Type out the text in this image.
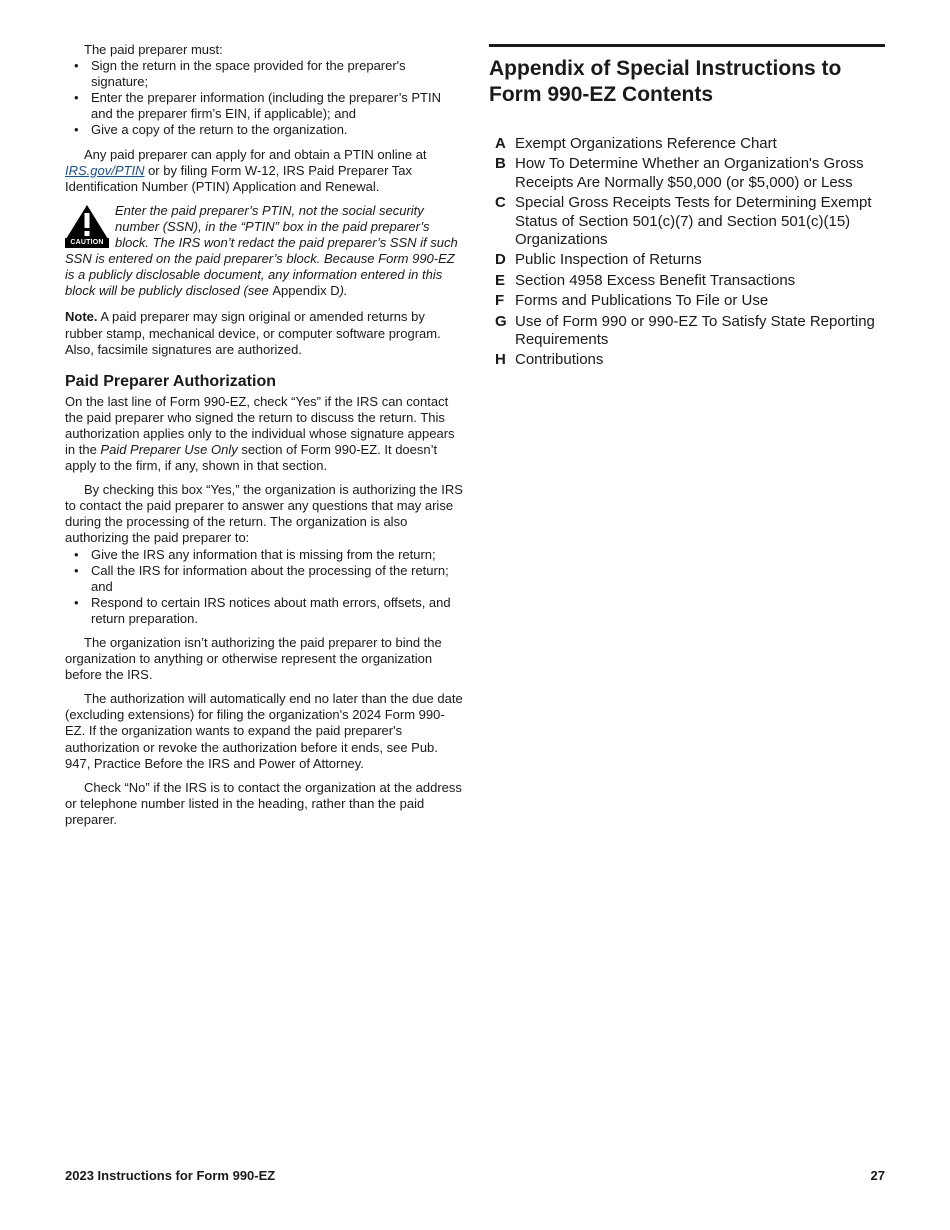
The paid preparer must:

• Sign the return in the space provided for the preparer's signature;
• Enter the preparer information (including the preparer’s PTIN and the preparer firm’s EIN, if applicable); and
• Give a copy of the return to the organization.

Any paid preparer can apply for and obtain a PTIN online at IRS.gov/PTIN or by filing Form W-12, IRS Paid Preparer Tax Identification Number (PTIN) Application and Renewal.

CAUTION
Enter the paid preparer’s PTIN, not the social security number (SSN), in the “PTIN” box in the paid preparer’s block. The IRS won’t redact the paid preparer’s SSN if such SSN is entered on the paid preparer’s block. Because Form 990-EZ is a publicly disclosable document, any information entered in this block will be publicly disclosed (see Appendix D).

Note. A paid preparer may sign original or amended returns by rubber stamp, mechanical device, or computer software program. Also, facsimile signatures are authorized.

Paid Preparer Authorization

On the last line of Form 990-EZ, check “Yes” if the IRS can contact the paid preparer who signed the return to discuss the return. This authorization applies only to the individual whose signature appears in the Paid Preparer Use Only section of Form 990-EZ. It doesn’t apply to the firm, if any, shown in that section.

By checking this box “Yes,” the organization is authorizing the IRS to contact the paid preparer to answer any questions that may arise during the processing of the return. The organization is also authorizing the paid preparer to:

• Give the IRS any information that is missing from the return;
• Call the IRS for information about the processing of the return; and
• Respond to certain IRS notices about math errors, offsets, and return preparation.

The organization isn’t authorizing the paid preparer to bind the organization to anything or otherwise represent the organization before the IRS.

The authorization will automatically end no later than the due date (excluding extensions) for filing the organization's 2024 Form 990-EZ. If the organization wants to expand the paid preparer's authorization or revoke the authorization before it ends, see Pub. 947, Practice Before the IRS and Power of Attorney.

Check “No” if the IRS is to contact the organization at the address or telephone number listed in the heading, rather than the paid preparer.

Appendix of Special Instructions to Form 990-EZ Contents
A Exempt Organizations Reference Chart
B How To Determine Whether an Organization's Gross Receipts Are Normally $50,000 (or $5,000) or Less
C Special Gross Receipts Tests for Determining Exempt Status of Section 501(c)(7) and Section 501(c)(15) Organizations
D Public Inspection of Returns
E Section 4958 Excess Benefit Transactions
F Forms and Publications To File or Use
G Use of Form 990 or 990-EZ To Satisfy State Reporting Requirements
H Contributions
2023 Instructions for Form 990-EZ	27
